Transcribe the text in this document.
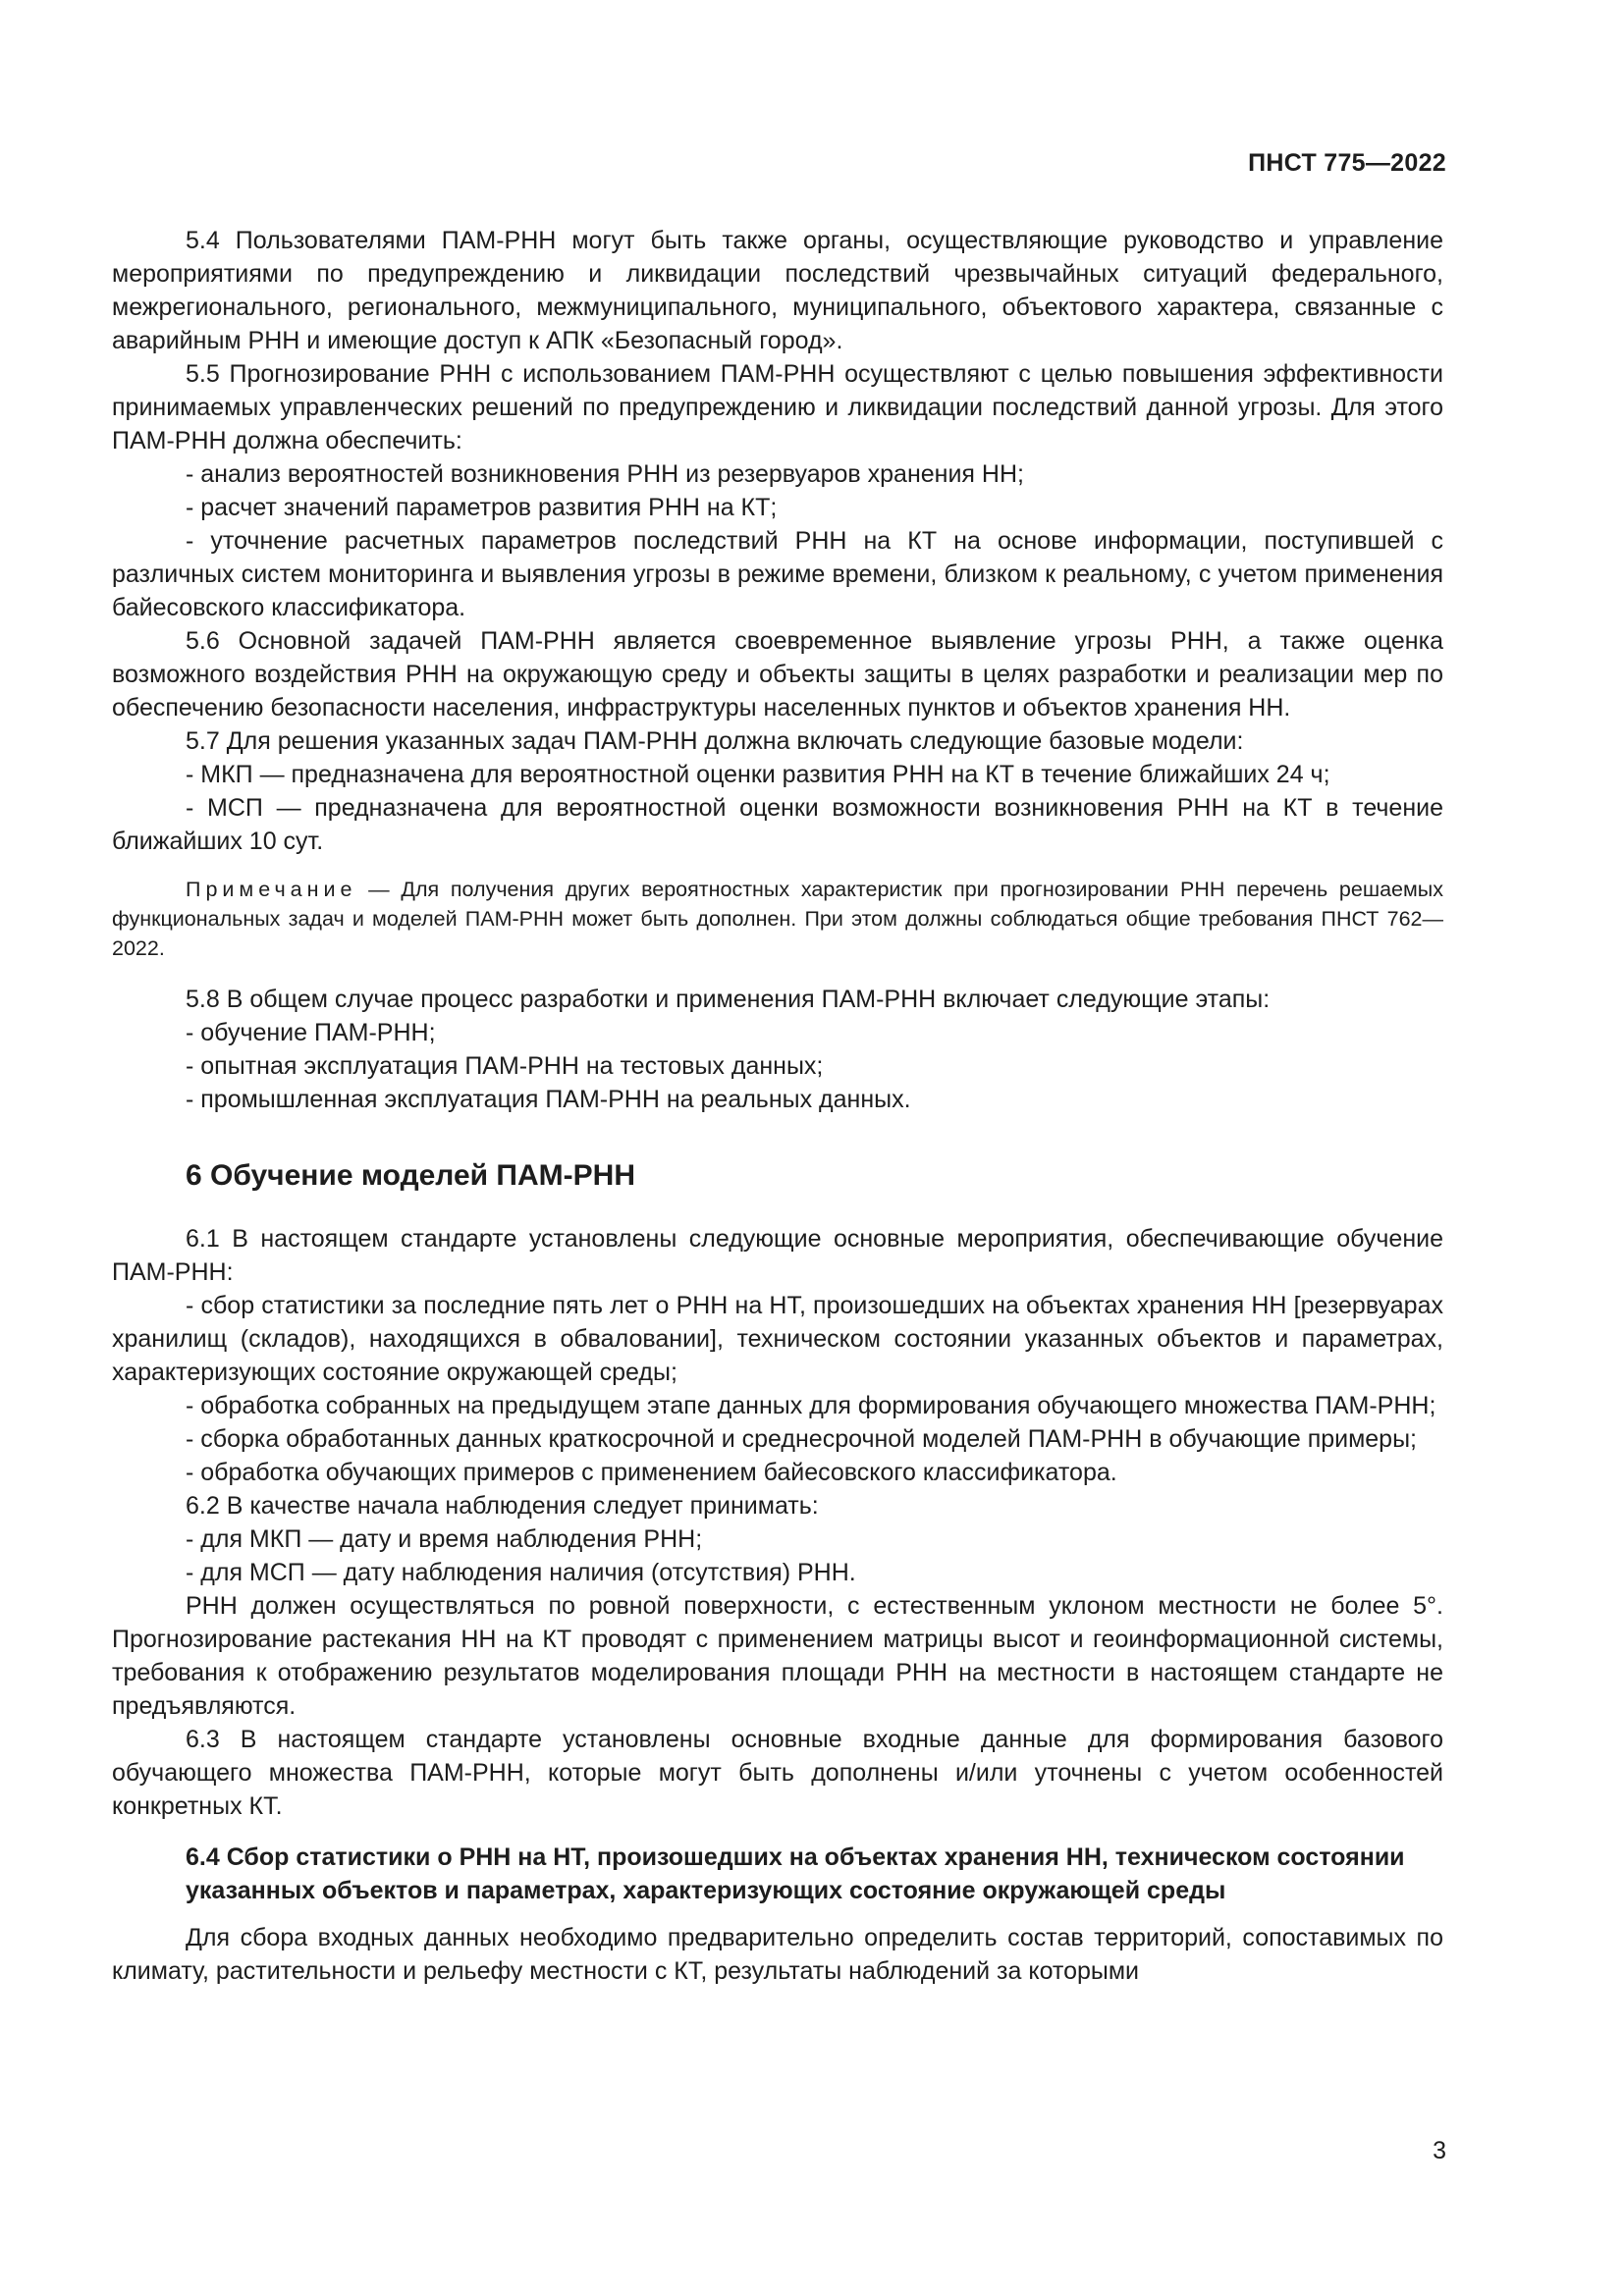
ПНСТ 775—2022

5.4 Пользователями ПАМ-РНН могут быть также органы, осуществляющие руководство и управление мероприятиями по предупреждению и ликвидации последствий чрезвычайных ситуаций федерального, межрегионального, регионального, межмуниципального, муниципального, объектового характера, связанные с аварийным РНН и имеющие доступ к АПК «Безопасный город».

5.5 Прогнозирование РНН с использованием ПАМ-РНН осуществляют с целью повышения эффективности принимаемых управленческих решений по предупреждению и ликвидации последствий данной угрозы. Для этого ПАМ-РНН должна обеспечить:

- анализ вероятностей возникновения РНН из резервуаров хранения НН;

- расчет значений параметров развития РНН на КТ;

- уточнение расчетных параметров последствий РНН на КТ на основе информации, поступившей с различных систем мониторинга и выявления угрозы в режиме времени, близком к реальному, с учетом применения байесовского классификатора.

5.6 Основной задачей ПАМ-РНН является своевременное выявление угрозы РНН, а также оценка возможного воздействия РНН на окружающую среду и объекты защиты в целях разработки и реализации мер по обеспечению безопасности населения, инфраструктуры населенных пунктов и объектов хранения НН.

5.7 Для решения указанных задач ПАМ-РНН должна включать следующие базовые модели:

- МКП — предназначена для вероятностной оценки развития РНН на КТ в течение ближайших 24 ч;

- МСП — предназначена для вероятностной оценки возможности возникновения РНН на КТ в течение ближайших 10 сут.

Примечание — Для получения других вероятностных характеристик при прогнозировании РНН перечень решаемых функциональных задач и моделей ПАМ-РНН может быть дополнен. При этом должны соблюдаться общие требования ПНСТ 762—2022.

5.8 В общем случае процесс разработки и применения ПАМ-РНН включает следующие этапы:

- обучение ПАМ-РНН;

- опытная эксплуатация ПАМ-РНН на тестовых данных;

- промышленная эксплуатация ПАМ-РНН на реальных данных.

6 Обучение моделей ПАМ-РНН

6.1 В настоящем стандарте установлены следующие основные мероприятия, обеспечивающие обучение ПАМ-РНН:

- сбор статистики за последние пять лет о РНН на НТ, произошедших на объектах хранения НН [резервуарах хранилищ (складов), находящихся в обваловании], техническом состоянии указанных объектов и параметрах, характеризующих состояние окружающей среды;

- обработка собранных на предыдущем этапе данных для формирования обучающего множества ПАМ-РНН;

- сборка обработанных данных краткосрочной и среднесрочной моделей ПАМ-РНН в обучающие примеры;

- обработка обучающих примеров с применением байесовского классификатора.

6.2 В качестве начала наблюдения следует принимать:

- для МКП — дату и время наблюдения РНН;

- для МСП — дату наблюдения наличия (отсутствия) РНН.

РНН должен осуществляться по ровной поверхности, с естественным уклоном местности не более 5°. Прогнозирование растекания НН на КТ проводят с применением матрицы высот и геоинформационной системы, требования к отображению результатов моделирования площади РНН на местности в настоящем стандарте не предъявляются.

6.3 В настоящем стандарте установлены основные входные данные для формирования базового обучающего множества ПАМ-РНН, которые могут быть дополнены и/или уточнены с учетом особенностей конкретных КТ.

6.4 Сбор статистики о РНН на НТ, произошедших на объектах хранения НН, техническом состоянии указанных объектов и параметрах, характеризующих состояние окружающей среды

Для сбора входных данных необходимо предварительно определить состав территорий, сопоставимых по климату, растительности и рельефу местности с КТ, результаты наблюдений за которыми

3
